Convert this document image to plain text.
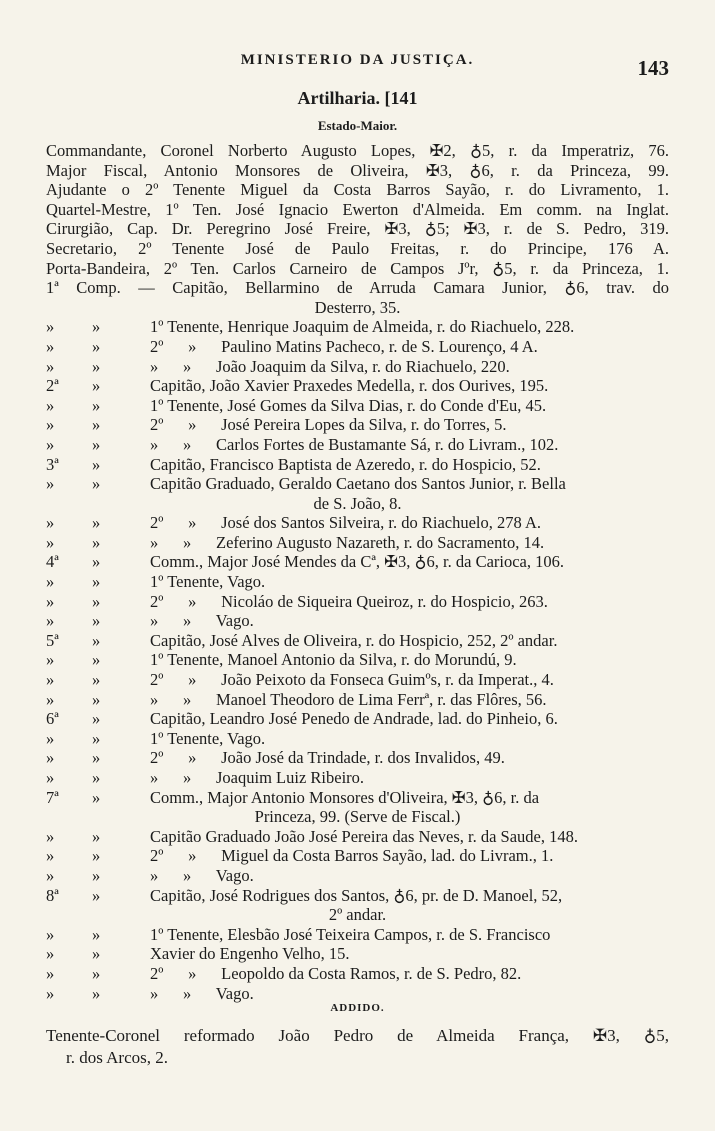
MINISTERIO DA JUSTIÇA.	143
Artilharia. [141
Estado-Maior.
Commandante, Coronel Norberto Augusto Lopes, ✠2, ♁5, r. da Imperatriz, 76.
Major Fiscal, Antonio Monsores de Oliveira, ✠3, ♁6, r. da Princeza, 99.
Ajudante o 2º Tenente Miguel da Costa Barros Sayão, r. do Livramento, 1.
Quartel-Mestre, 1º Ten. José Ignacio Ewerton d'Almeida. Em comm. na Inglat.
Cirurgião, Cap. Dr. Peregrino José Freire, ✠3, ♁5; ✠3, r. de S. Pedro, 319.
Secretario, 2º Tenente José de Paulo Freitas, r. do Principe, 176 A.
Porta-Bandeira, 2º Ten. Carlos Carneiro de Campos Jºr, ♁5, r. da Princeza, 1.
1ª Comp. — Capitão, Bellarmino de Arruda Camara Junior, ♁6, trav. do
Desterro, 35.
»	»	1º Tenente, Henrique Joaquim de Almeida, r. do Riachuelo, 228.
»	»	2º      »      Paulino Matins Pacheco, r. de S. Lourenço, 4 A.
»	»	»      »      João Joaquim da Silva, r. do Riachuelo, 220.
2ª	»	Capitão, João Xavier Praxedes Medella, r. dos Ourives, 195.
»	»	1º Tenente, José Gomes da Silva Dias, r. do Conde d'Eu, 45.
»	»	2º      »      José Pereira Lopes da Silva, r. do Torres, 5.
»	»	»      »      Carlos Fortes de Bustamante Sá, r. do Livram., 102.
3ª	»	Capitão, Francisco Baptista de Azeredo, r. do Hospicio, 52.
»	»	Capitão Graduado, Geraldo Caetano dos Santos Junior, r. Bella
de S. João, 8.
»	»	2º      »      José dos Santos Silveira, r. do Riachuelo, 278 A.
»	»	»      »      Zeferino Augusto Nazareth, r. do Sacramento, 14.
4ª	»	Comm., Major José Mendes da Cª, ✠3, ♁6, r. da Carioca, 106.
»	»	1º Tenente, Vago.
»	»	2º      »      Nicoláo de Siqueira Queiroz, r. do Hospicio, 263.
»	»	»      »      Vago.
5ª	»	Capitão, José Alves de Oliveira, r. do Hospicio, 252, 2º andar.
»	»	1º Tenente, Manoel Antonio da Silva, r. do Morundú, 9.
»	»	2º      »      João Peixoto da Fonseca Guimºs, r. da Imperat., 4.
»	»	»      »      Manoel Theodoro de Lima Ferrª, r. das Flôres, 56.
6ª	»	Capitão, Leandro José Penedo de Andrade, lad. do Pinheio, 6.
»	»	1º Tenente, Vago.
»	»	2º      »      João José da Trindade, r. dos Invalidos, 49.
»	»	»      »      Joaquim Luiz Ribeiro.
7ª	»	Comm., Major Antonio Monsores d'Oliveira, ✠3, ♁6, r. da
Princeza, 99. (Serve de Fiscal.)
»	»	Capitão Graduado João José Pereira das Neves, r. da Saude, 148.
»	»	2º      »      Miguel da Costa Barros Sayão, lad. do Livram., 1.
»	»	»      »      Vago.
8ª	»	Capitão, José Rodrigues dos Santos, ♁6, pr. de D. Manoel, 52,
2º andar.
»	»	1º Tenente, Elesbão José Teixeira Campos, r. de S. Francisco
»	»	Xavier do Engenho Velho, 15.
»	»	2º      »      Leopoldo da Costa Ramos, r. de S. Pedro, 82.
»	»	»      »      Vago.
ADDIDO.
Tenente-Coronel reformado João Pedro de Almeida França, ✠3, ♁5,
r. dos Arcos, 2.
